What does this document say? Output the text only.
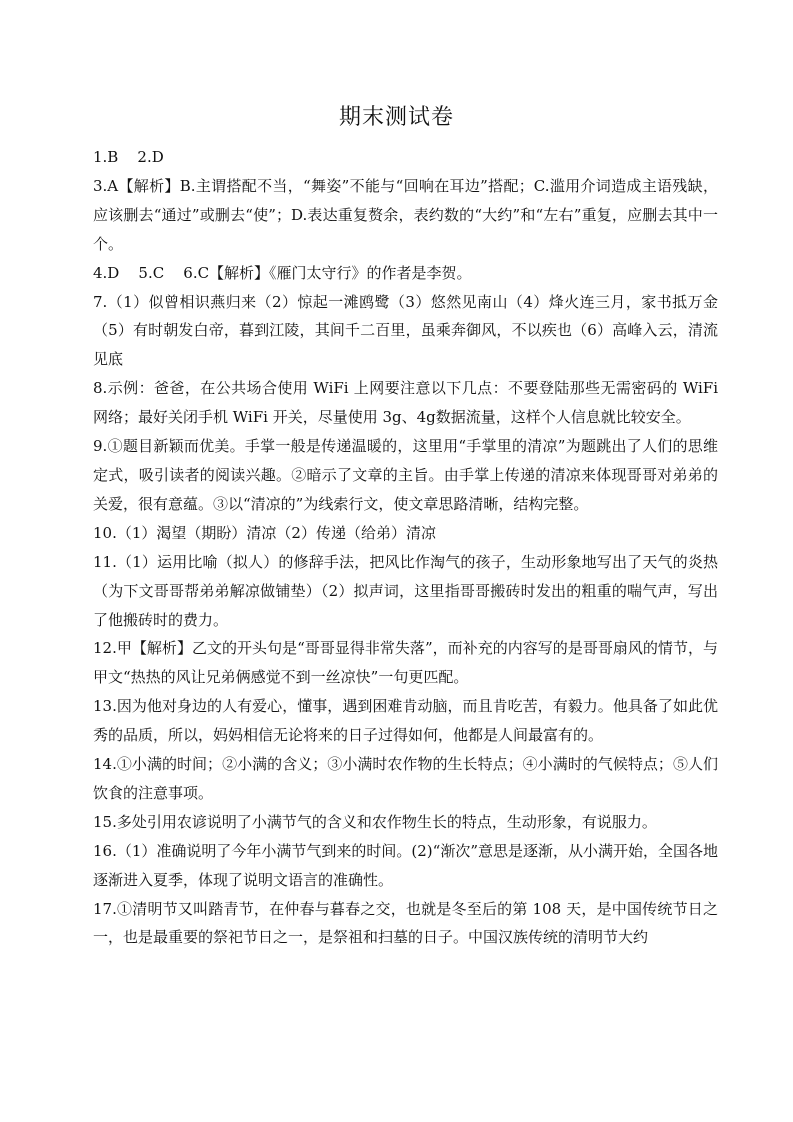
期末测试卷

1.B    2.D

3.A【解析】B.主谓搭配不当，“舞姿”不能与“回响在耳边”搭配；C.滥用介词造成主语残缺，应该删去“通过”或删去“使”；D.表达重复赘余，表约数的“大约”和“左右”重复，应删去其中一个。

4.D    5.C    6.C【解析】《雁门太守行》的作者是李贺。

7.（1）似曾相识燕归来（2）惊起一滩鸥鹭（3）悠然见南山（4）烽火连三月，家书抵万金（5）有时朝发白帝，暮到江陵，其间千二百里，虽乘奔御风，不以疾也（6）高峰入云，清流见底

8.示例：爸爸，在公共场合使用 WiFi 上网要注意以下几点：不要登陆那些无需密码的 WiFi 网络；最好关闭手机 WiFi 开关，尽量使用 3g、4g数据流量，这样个人信息就比较安全。

9.①题目新颖而优美。手掌一般是传递温暖的，这里用“手掌里的清凉”为题跳出了人们的思维定式，吸引读者的阅读兴趣。②暗示了文章的主旨。由手掌上传递的清凉来体现哥哥对弟弟的关爱，很有意蕴。③以“清凉的”为线索行文，使文章思路清晰，结构完整。

10.（1）渴望（期盼）清凉（2）传递（给弟）清凉

11.（1）运用比喻（拟人）的修辞手法，把风比作淘气的孩子，生动形象地写出了天气的炎热（为下文哥哥帮弟弟解凉做铺垫）（2）拟声词，这里指哥哥搬砖时发出的粗重的喘气声，写出了他搬砖时的费力。

12.甲【解析】乙文的开头句是“哥哥显得非常失落”，而补充的内容写的是哥哥扇风的情节，与甲文“热热的风让兄弟俩感觉不到一丝凉快”一句更匹配。

13.因为他对身边的人有爱心，懂事，遇到困难肯动脑，而且肯吃苦，有毅力。他具备了如此优秀的品质，所以，妈妈相信无论将来的日子过得如何，他都是人间最富有的。

14.①小满的时间；②小满的含义；③小满时农作物的生长特点；④小满时的气候特点；⑤人们饮食的注意事项。

15.多处引用农谚说明了小满节气的含义和农作物生长的特点，生动形象，有说服力。

16.（1）准确说明了今年小满节气到来的时间。(2)“渐次”意思是逐渐，从小满开始，全国各地逐渐进入夏季，体现了说明文语言的准确性。

17.①清明节又叫踏青节，在仲春与暮春之交，也就是冬至后的第 108 天，是中国传统节日之一，也是最重要的祭祀节日之一，是祭祖和扫墓的日子。中国汉族传统的清明节大约
